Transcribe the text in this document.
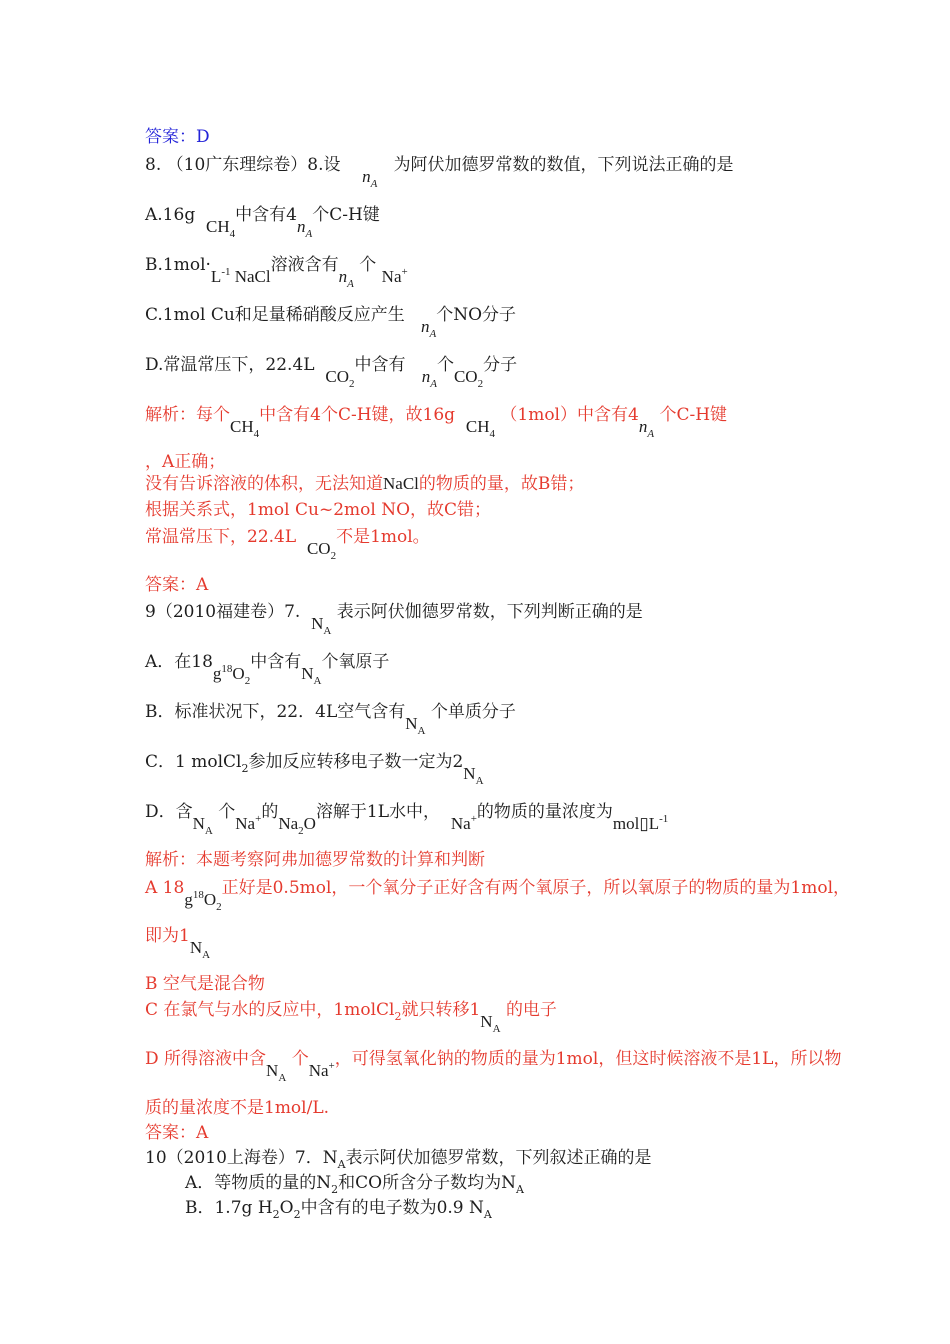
答案：D
8. （10广东理综卷）8.设    $n_A$   为阿伏加德罗常数的数值，下列说法正确的是
A.16g  $CH_4$中含有$4n_A$个C-H键
$B.1mol\cdot L^{-1}$ NaCl溶液含有$n_A$ 个 Na+
C.1mol Cu和足量稀硝酸反应产生   $n_A$个NO分子
D.常温常压下，22.4L  $CO_2$中含有   $n_A$个$CO_2$分子
解析：每个$CH_4$中含有4个C-H键，故16g  $CH_4$ （1mol）中含有$4n_A$ 个C-H键
，A正确；
没有告诉溶液的体积，无法知道NaCl的物质的量，故B错；
根据关系式，1mol Cu~2mol NO，故C错；
常温常压下，22.4L  $CO_2$不是1mol。
答案：A
9（2010福建卷）7.  $N_A$ 表示阿伏伽德罗常数，下列判断正确的是
A．在$18g^{18}O_2$中含有$N_A$个氧原子
B．标准状况下，22．4L空气含有$N_A$ 个单质分子
C．1 molCl$_2$参加反应转移电子数一定为$2N_A$
D．含$N_A$ 个Na+的$Na_2O$溶解于1L水中，  Na+的物质的量浓度为$mol▯L^{-1}$
解析：本题考察阿弗加德罗常数的计算和判断
A $18g^{18}O_2$正好是0.5mol，一个氧分子正好含有两个氧原子，所以氧原子的物质的量为1mol，
即为$1N_A$
B 空气是混合物
C 在氯气与水的反应中，1molCl$_2$就只转移$1N_A$ 的电子
D 所得溶液中含$N_A$ 个Na+，可得氢氧化钠的物质的量为1mol，但这时候溶液不是1L，所以物
质的量浓度不是1mol/L.
答案：A
10（2010上海卷）7．$N_A$表示阿伏加德罗常数，下列叙述正确的是
A．等物质的量的$N_2$和CO所含分子数均为$N_A$
B．1.7g $H_2O_2$中含有的电子数为0.9 $N_A$
